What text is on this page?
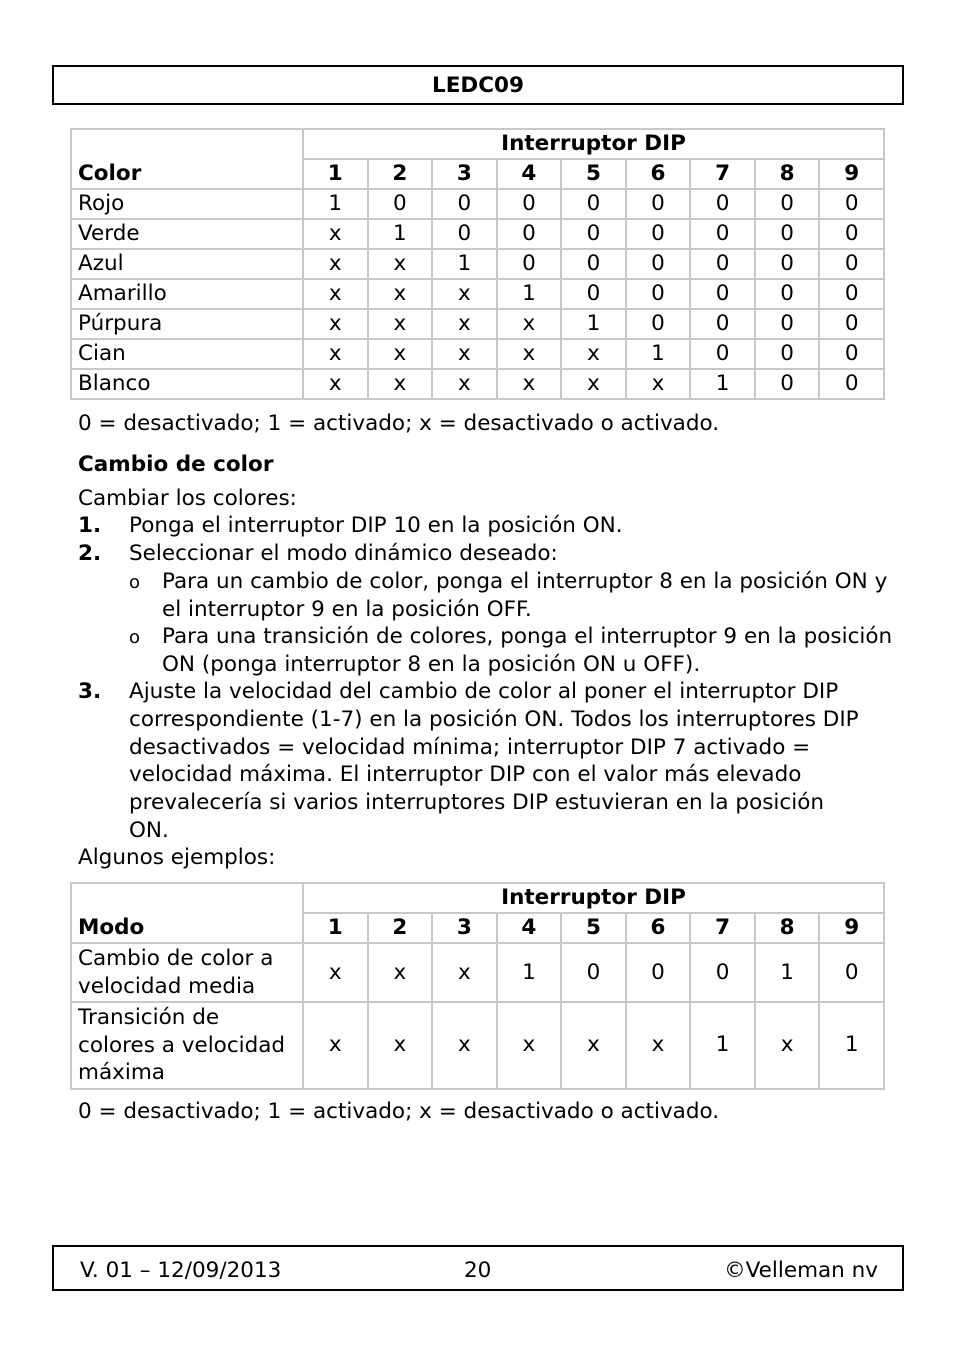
LEDC09
Color	Interruptor DIP								
	1	2	3	4	5	6	7	8	9
Rojo	1	0	0	0	0	0	0	0	0
Verde	x	1	0	0	0	0	0	0	0
Azul	x	x	1	0	0	0	0	0	0
Amarillo	x	x	x	1	0	0	0	0	0
Púrpura	x	x	x	x	1	0	0	0	0
Cian	x	x	x	x	x	1	0	0	0
Blanco	x	x	x	x	x	x	1	0	0
0 = desactivado; 1 = activado; x = desactivado o activado.
Cambio de color
Cambiar los colores:
1. Ponga el interruptor DIP 10 en la posición ON.
2. Seleccionar el modo dinámico deseado:
o Para un cambio de color, ponga el interruptor 8 en la posición ON y el interruptor 9 en la posición OFF.
o Para una transición de colores, ponga el interruptor 9 en la posición ON (ponga interruptor 8 en la posición ON u OFF).
3. Ajuste la velocidad del cambio de color al poner el interruptor DIP correspondiente (1-7) en la posición ON. Todos los interruptores DIP desactivados = velocidad mínima; interruptor DIP 7 activado = velocidad máxima. El interruptor DIP con el valor más elevado prevalecería si varios interruptores DIP estuvieran en la posición ON.
Algunos ejemplos:
Modo	Interruptor DIP								
	1	2	3	4	5	6	7	8	9

Cambio de color a
velocidad media	x	x	x	1	0	0	0	1	0

Transición de
colores a velocidad
máxima	x	x	x	x	x	x	1	x	1
0 = desactivado; 1 = activado; x = desactivado o activado.
V. 01 – 12/09/2013	20	©Velleman nv
